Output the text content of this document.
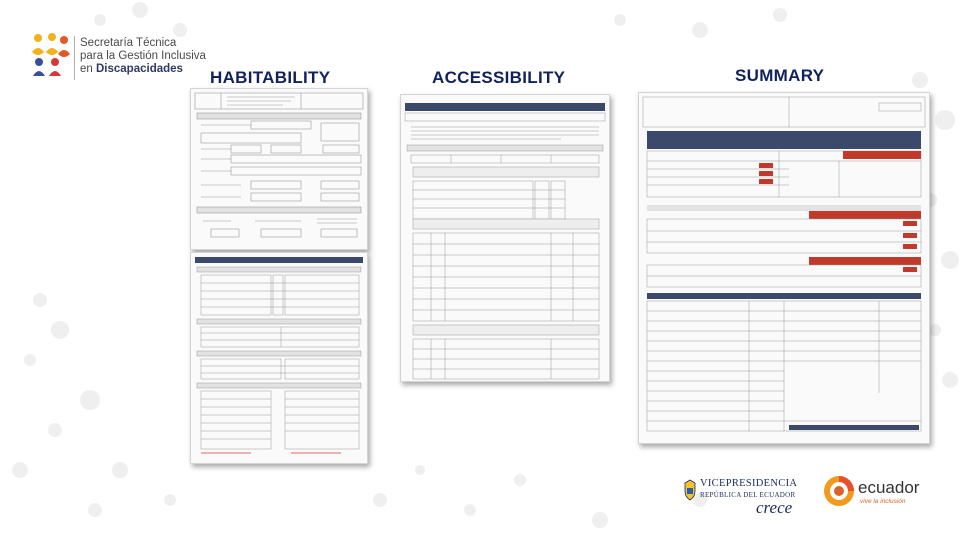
Secretaría Técnica
para la Gestión Inclusiva
en Discapacidades	HABITABILITY	ACCESSIBILITY	SUMMARY
VICEPRESIDENCIA
REPÚBLICA DEL ECUADOR
crece
ecuador
vive la inclusión
